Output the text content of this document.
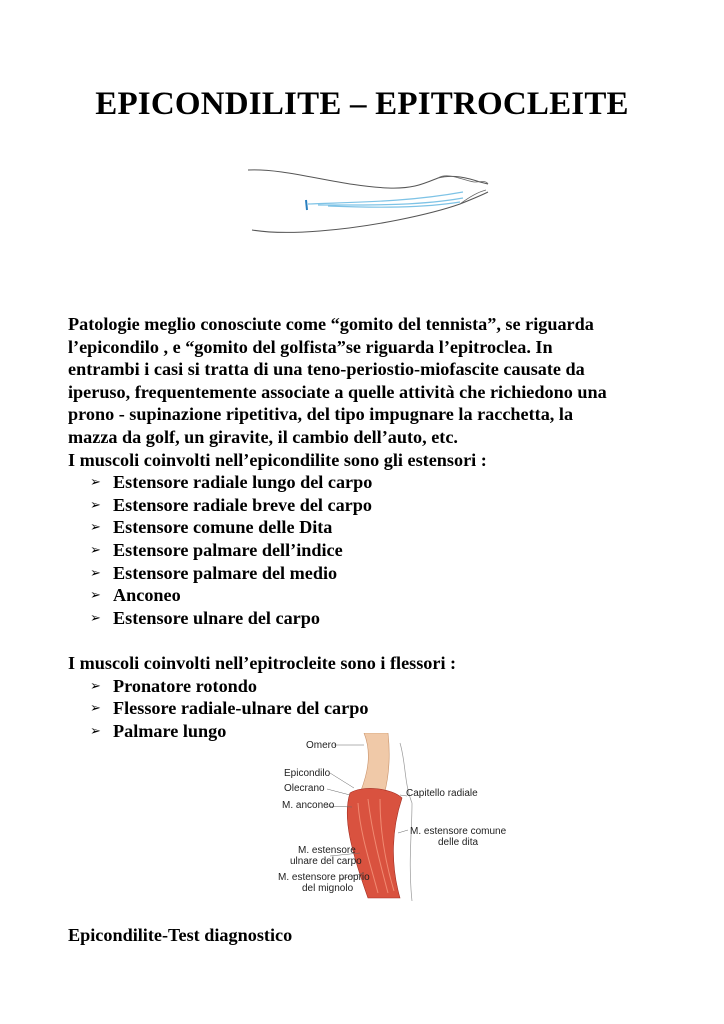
EPICONDILITE – EPITROCLEITE

Patologie meglio conosciute come “gomito del tennista”, se riguarda
l’epicondilo , e “gomito del golfista”se riguarda l’epitroclea. In
entrambi i casi si tratta di una teno-periostio-miofascite causate da
iperuso, frequentemente associate a quelle attività che richiedono una
prono - supinazione ripetitiva, del tipo impugnare la racchetta, la
mazza da golf, un giravite, il cambio dell’auto, etc.

I muscoli coinvolti nell’epicondilite sono gli estensori :

➢ Estensore radiale lungo del carpo
➢ Estensore radiale breve del carpo
➢ Estensore comune delle Dita
➢ Estensore palmare dell’indice
➢ Estensore palmare del medio
➢ Anconeo
➢ Estensore ulnare del carpo

I muscoli coinvolti nell’epitrocleite sono i flessori :

➢ Pronatore rotondo
➢ Flessore radiale-ulnare del carpo
➢ Palmare lungo
Omero
Epicondilo
Olecrano
M. anconeo
M. estensore
ulnare del carpo
M. estensore proprio
del mignolo
Capitello radiale
M. estensore comune
delle dita
Epicondilite-Test diagnostico
